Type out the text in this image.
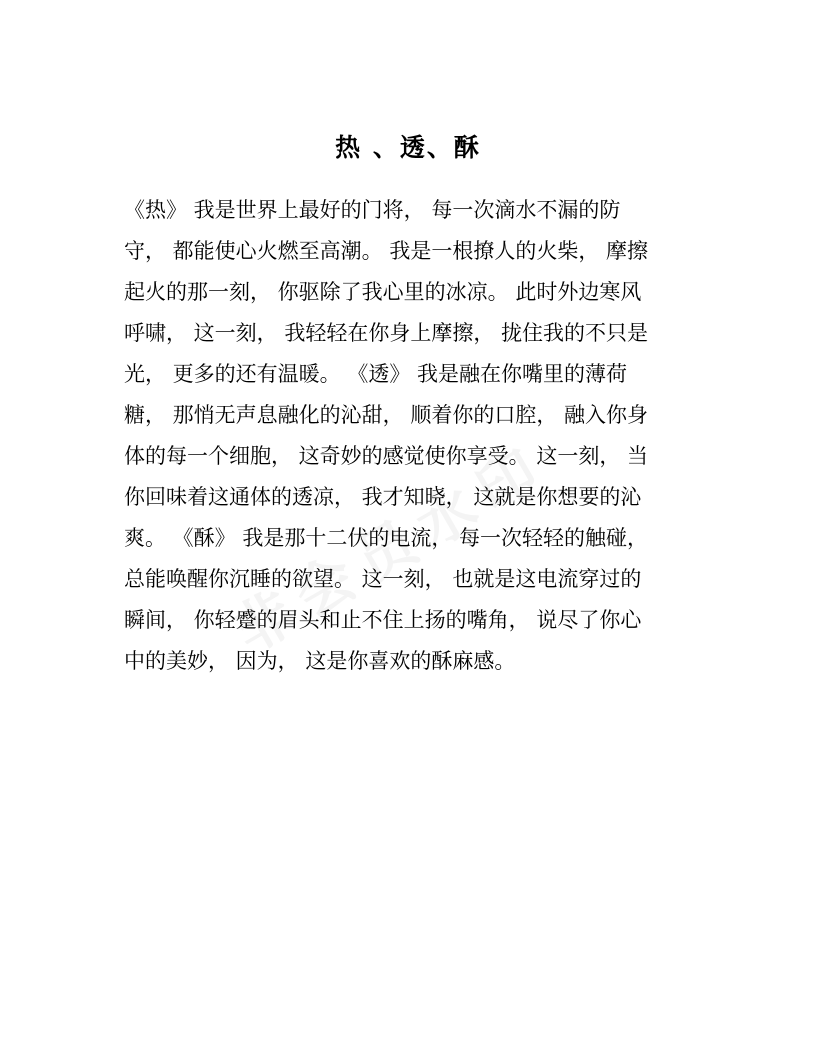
热 、透、酥
《热》 我是世界上最好的门将， 每一次滴水不漏的防
守， 都能使心火燃至高潮。 我是一根撩人的火柴， 摩擦
起火的那一刻， 你驱除了我心里的冰凉。 此时外边寒风
呼啸， 这一刻， 我轻轻在你身上摩擦， 拢住我的不只是
光， 更多的还有温暖。 《透》 我是融在你嘴里的薄荷
糖， 那悄无声息融化的沁甜， 顺着你的口腔， 融入你身
体的每一个细胞， 这奇妙的感觉使你享受。 这一刻， 当
你回味着这通体的透凉， 我才知晓， 这就是你想要的沁
爽。 《酥》 我是那十二伏的电流， 每一次轻轻的触碰，
总能唤醒你沉睡的欲望。 这一刻， 也就是这电流穿过的
瞬间， 你轻蹙的眉头和止不住上扬的嘴角， 说尽了你心
中的美妙， 因为， 这是你喜欢的酥麻感。
